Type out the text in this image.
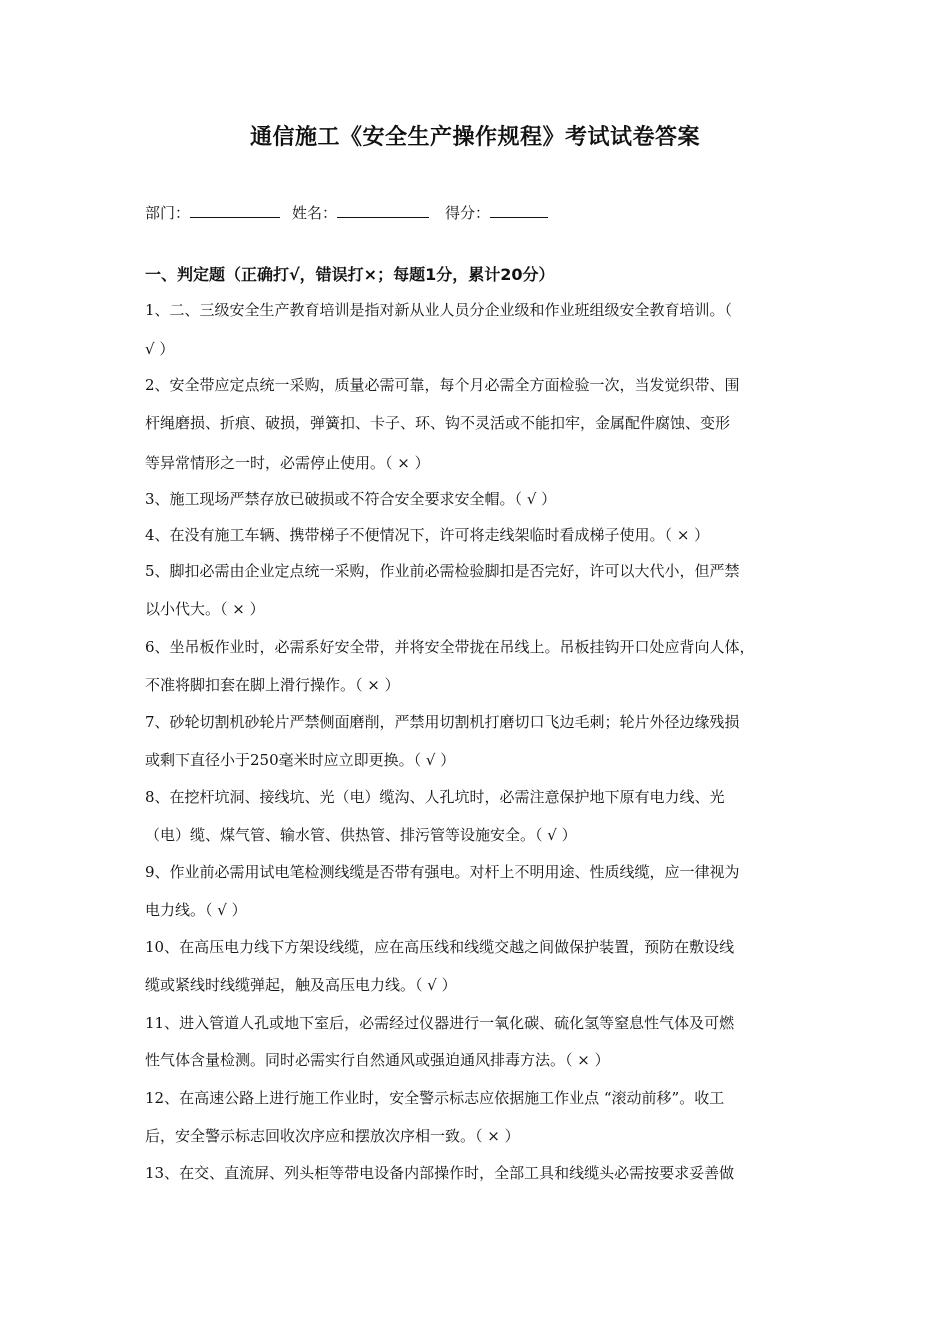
通信施工《安全生产操作规程》考试试卷答案
部门：	姓名：	得分：
一、判定题（正确打√，错误打×；每题1分，累计20分）
1、二、三级安全生产教育培训是指对新从业人员分企业级和作业班组级安全教育培训。（
√ ）
2、安全带应定点统一采购，质量必需可靠，每个月必需全方面检验一次，当发觉织带、围
杆绳磨损、折痕、破损，弹簧扣、卡子、环、钩不灵活或不能扣牢，金属配件腐蚀、变形
等异常情形之一时，必需停止使用。（ × ）
3、施工现场严禁存放已破损或不符合安全要求安全帽。（ √ ）
4、在没有施工车辆、携带梯子不便情况下，许可将走线架临时看成梯子使用。（ × ）
5、脚扣必需由企业定点统一采购，作业前必需检验脚扣是否完好，许可以大代小，但严禁
以小代大。（ × ）
6、坐吊板作业时，必需系好安全带，并将安全带拢在吊线上。吊板挂钩开口处应背向人体，
不准将脚扣套在脚上滑行操作。（ × ）
7、砂轮切割机砂轮片严禁侧面磨削，严禁用切割机打磨切口飞边毛刺；轮片外径边缘残损
或剩下直径小于250毫米时应立即更换。（ √ ）
8、在挖杆坑洞、接线坑、光（电）缆沟、人孔坑时，必需注意保护地下原有电力线、光
（电）缆、煤气管、输水管、供热管、排污管等设施安全。（ √ ）
9、作业前必需用试电笔检测线缆是否带有强电。对杆上不明用途、性质线缆，应一律视为
电力线。（ √ ）
10、在高压电力线下方架设线缆，应在高压线和线缆交越之间做保护装置，预防在敷设线
缆或紧线时线缆弹起，触及高压电力线。（ √ ）
11、进入管道人孔或地下室后，必需经过仪器进行一氧化碳、硫化氢等窒息性气体及可燃
性气体含量检测。同时必需实行自然通风或强迫通风排毒方法。（ × ）
12、在高速公路上进行施工作业时，安全警示标志应依据施工作业点 “滚动前移”。收工
后，安全警示标志回收次序应和摆放次序相一致。（ × ）
13、在交、直流屏、列头柜等带电设备内部操作时，全部工具和线缆头必需按要求妥善做
